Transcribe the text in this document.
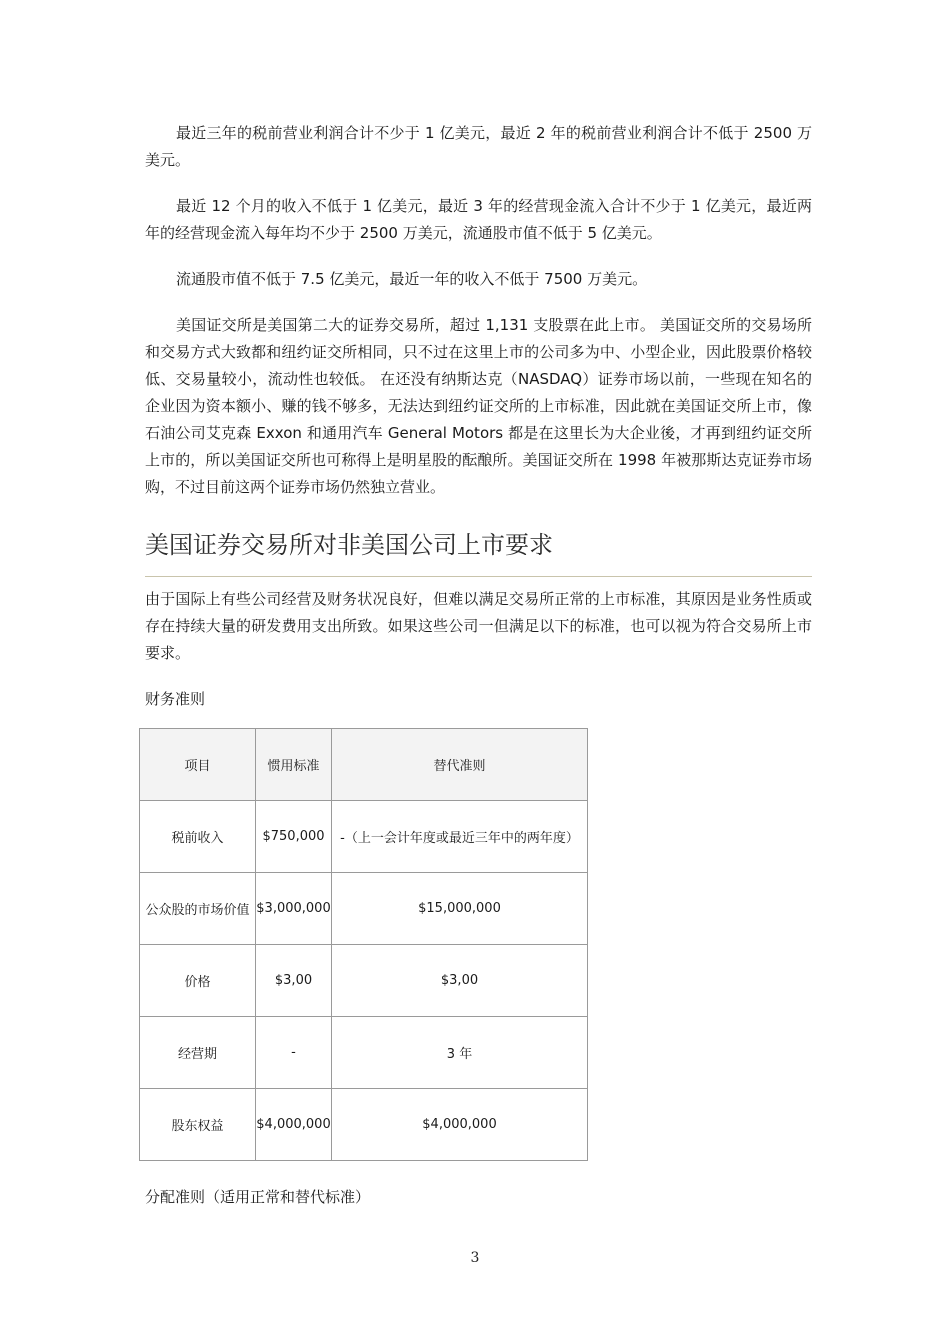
最近三年的税前营业利润合计不少于 1 亿美元，最近 2 年的税前营业利润合计不低于 2500 万美元。

最近 12 个月的收入不低于 1 亿美元，最近 3 年的经营现金流入合计不少于 1 亿美元，最近两年的经营现金流入每年均不少于 2500 万美元，流通股市值不低于 5 亿美元。

流通股市值不低于 7.5 亿美元，最近一年的收入不低于 7500 万美元。

美国证交所是美国第二大的证券交易所，超过 1,131 支股票在此上市。 美国证交所的交易场所和交易方式大致都和纽约证交所相同，只不过在这里上市的公司多为中、小型企业，因此股票价格较低、交易量较小，流动性也较低。 在还没有纳斯达克（NASDAQ）证券市场以前，一些现在知名的企业因为资本额小、赚的钱不够多，无法达到纽约证交所的上市标准，因此就在美国证交所上市，像石油公司艾克森 Exxon 和通用汽车 General Motors 都是在这里长为大企业後，才再到纽约证交所上市的，所以美国证交所也可称得上是明星股的酝酿所。美国证交所在 1998 年被那斯达克证券市场购，不过目前这两个证券市场仍然独立营业。

美国证券交易所对非美国公司上市要求

由于国际上有些公司经营及财务状况良好，但难以满足交易所正常的上市标准，其原因是业务性质或存在持续大量的研发费用支出所致。如果这些公司一但满足以下的标准，也可以视为符合交易所上市要求。

财务准则

项目	惯用标准	替代准则
税前收入	$750,000	-（上一会计年度或最近三年中的两年度）
公众股的市场价值	$3,000,000	$15,000,000
价格	$3,00	$3,00
经营期	-	3 年
股东权益	$4,000,000	$4,000,000

分配准则（适用正常和替代标准）

3
